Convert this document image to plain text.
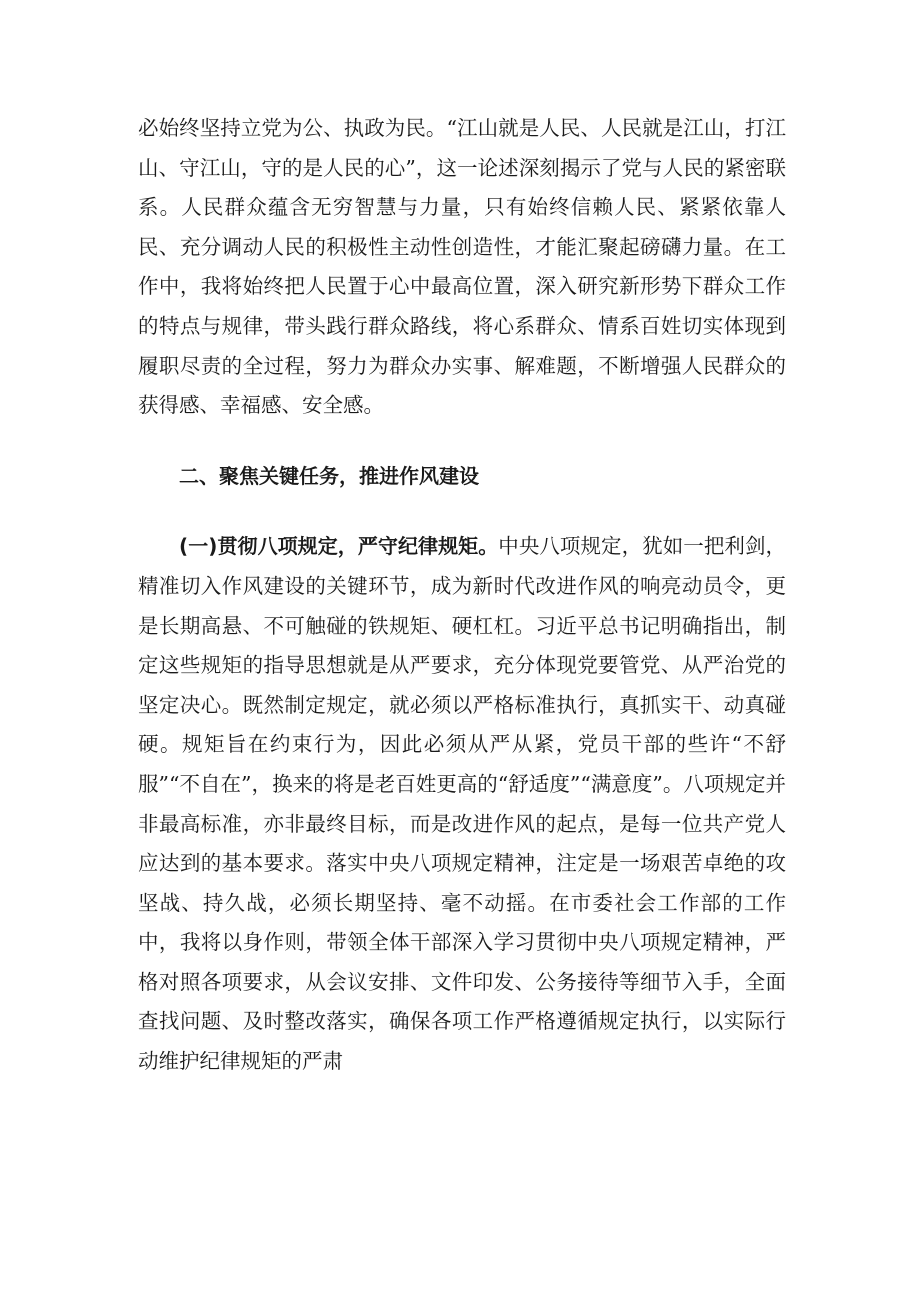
必始终坚持立党为公、执政为民。“江山就是人民、人民就是江山，打江山、守江山，守的是人民的心”，这一论述深刻揭示了党与人民的紧密联系。人民群众蕴含无穷智慧与力量，只有始终信赖人民、紧紧依靠人民、充分调动人民的积极性主动性创造性，才能汇聚起磅礴力量。在工作中，我将始终把人民置于心中最高位置，深入研究新形势下群众工作的特点与规律，带头践行群众路线，将心系群众、情系百姓切实体现到履职尽责的全过程，努力为群众办实事、解难题，不断增强人民群众的获得感、幸福感、安全感。

二、聚焦关键任务，推进作风建设

(一)贯彻八项规定，严守纪律规矩。中央八项规定，犹如一把利剑，精准切入作风建设的关键环节，成为新时代改进作风的响亮动员令，更是长期高悬、不可触碰的铁规矩、硬杠杠。习近平总书记明确指出，制定这些规矩的指导思想就是从严要求，充分体现党要管党、从严治党的坚定决心。既然制定规定，就必须以严格标准执行，真抓实干、动真碰硬。规矩旨在约束行为，因此必须从严从紧，党员干部的些许“不舒服”“不自在”，换来的将是老百姓更高的“舒适度”“满意度”。八项规定并非最高标准，亦非最终目标，而是改进作风的起点，是每一位共产党人应达到的基本要求。落实中央八项规定精神，注定是一场艰苦卓绝的攻坚战、持久战，必须长期坚持、毫不动摇。在市委社会工作部的工作中，我将以身作则，带领全体干部深入学习贯彻中央八项规定精神，严格对照各项要求，从会议安排、文件印发、公务接待等细节入手，全面查找问题、及时整改落实，确保各项工作严格遵循规定执行，以实际行动维护纪律规矩的严肃
